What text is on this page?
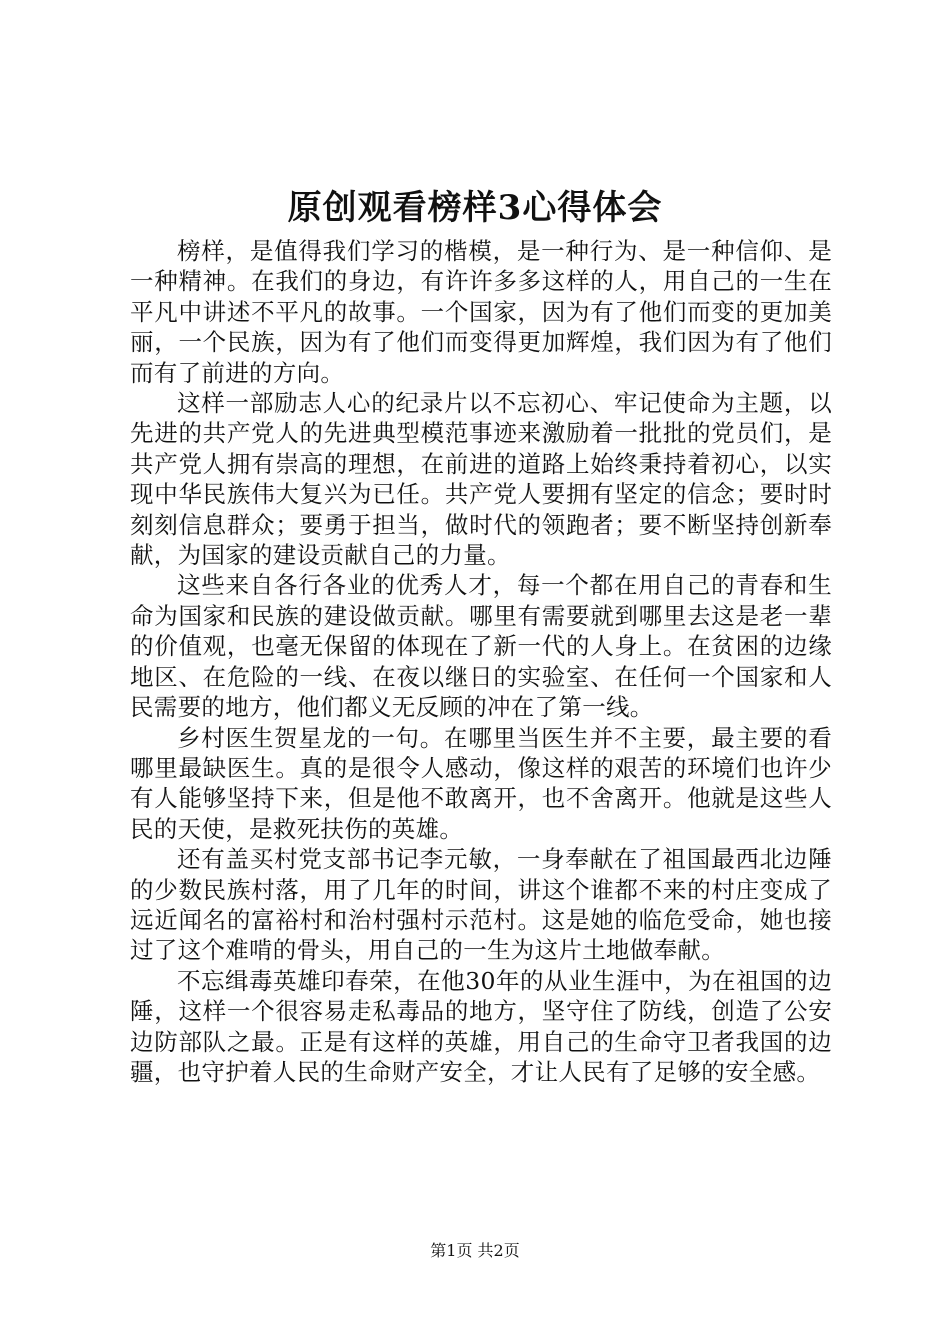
原创观看榜样3心得体会

榜样，是值得我们学习的楷模，是一种行为、是一种信仰、是一种精神。在我们的身边，有许许多多这样的人，用自己的一生在平凡中讲述不平凡的故事。一个国家，因为有了他们而变的更加美丽，一个民族，因为有了他们而变得更加辉煌，我们因为有了他们而有了前进的方向。

这样一部励志人心的纪录片以不忘初心、牢记使命为主题，以先进的共产党人的先进典型模范事迹来激励着一批批的党员们，是共产党人拥有崇高的理想，在前进的道路上始终秉持着初心，以实现中华民族伟大复兴为已任。共产党人要拥有坚定的信念；要时时刻刻信息群众；要勇于担当，做时代的领跑者；要不断坚持创新奉献，为国家的建设贡献自己的力量。

这些来自各行各业的优秀人才，每一个都在用自己的青春和生命为国家和民族的建设做贡献。哪里有需要就到哪里去这是老一辈的价值观，也毫无保留的体现在了新一代的人身上。在贫困的边缘地区、在危险的一线、在夜以继日的实验室、在任何一个国家和人民需要的地方，他们都义无反顾的冲在了第一线。

乡村医生贺星龙的一句。在哪里当医生并不主要，最主要的看哪里最缺医生。真的是很令人感动，像这样的艰苦的环境们也许少有人能够坚持下来，但是他不敢离开，也不舍离开。他就是这些人民的天使，是救死扶伤的英雄。

还有盖买村党支部书记李元敏，一身奉献在了祖国最西北边陲的少数民族村落，用了几年的时间，讲这个谁都不来的村庄变成了远近闻名的富裕村和治村强村示范村。这是她的临危受命，她也接过了这个难啃的骨头，用自己的一生为这片土地做奉献。

不忘缉毒英雄印春荣，在他30年的从业生涯中，为在祖国的边陲，这样一个很容易走私毒品的地方，坚守住了防线，创造了公安边防部队之最。正是有这样的英雄，用自己的生命守卫者我国的边疆，也守护着人民的生命财产安全，才让人民有了足够的安全感。

第1页 共2页
